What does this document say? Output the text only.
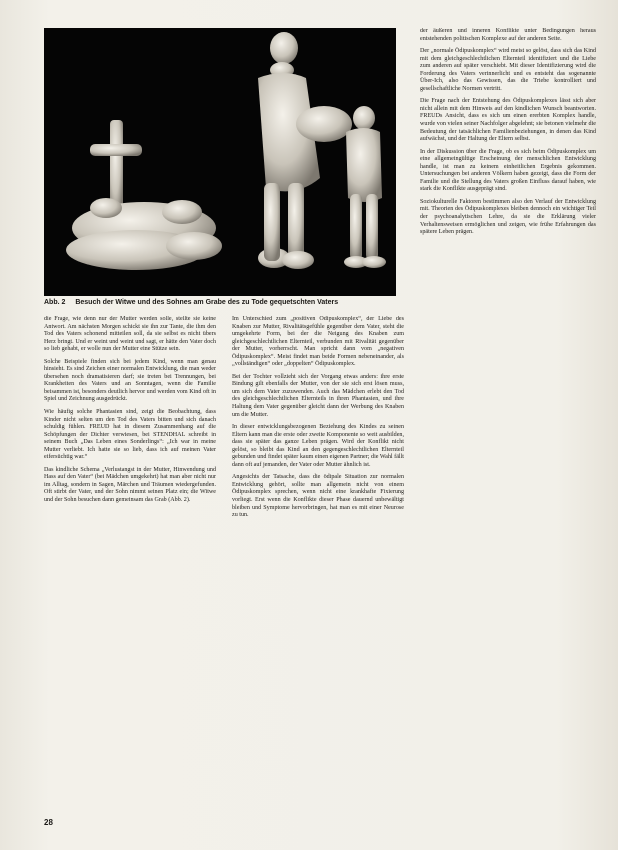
Abb. 2 Besuch der Witwe und des Sohnes am Grabe des zu Tode gequetschten Vaters

die Frage, wie denn nur der Mutter werden solle, stellte sie keine Antwort. Am nächsten Morgen schickt sie ihn zur Tante, die ihm den Tod des Vaters schonend mitteilen soll, da sie selbst es nicht übers Herz bringt. Und er weint und weint und sagt, er hätte den Vater doch so lieb gehabt, er wolle nun der Mutter eine Stütze sein.

Solche Beispiele finden sich bei jedem Kind, wenn man genau hinsieht. Es sind Zeichen einer normalen Entwicklung, die man weder übersehen noch dramatisieren darf; sie treten bei Trennungen, bei Krankheiten des Vaters und an Sonntagen, wenn die Familie beisammen ist, besonders deutlich hervor und werden vom Kind oft in Spiel und Zeichnung ausgedrückt.

Wie häufig solche Phantasien sind, zeigt die Beobachtung, dass Kinder nicht selten um den Tod des Vaters bitten und sich danach schuldig fühlen. FREUD hat in diesem Zusammenhang auf die Schöpfungen der Dichter verwiesen, bei STENDHAL schreibt in seinem Buch „Das Leben eines Sonderlings“: „Ich war in meine Mutter verliebt. Ich hatte sie so lieb, dass ich auf meinen Vater eifersüchtig war.“

Das kindliche Schema „Verlustangst in der Mutter, Hinwendung und Hass auf den Vater“ (bei Mädchen umgekehrt) hat man aber nicht nur im Alltag, sondern in Sagen, Märchen und Träumen wiedergefunden. Oft stirbt der Vater, und der Sohn nimmt seinen Platz ein; die Witwe und der Sohn besuchen dann gemeinsam das Grab (Abb. 2).

Im Unterschied zum „positiven Ödipuskomplex“, der Liebe des Knaben zur Mutter, Rivalitätsgefühle gegenüber dem Vater, steht die umgekehrte Form, bei der die Neigung des Knaben zum gleichgeschlechtlichen Elternteil, verbunden mit Rivalität gegenüber der Mutter, vorherrscht. Man spricht dann vom „negativen Ödipuskomplex“. Meist findet man beide Formen nebeneinander, als „vollständigen“ oder „doppelten“ Ödipuskomplex.

Bei der Tochter vollzieht sich der Vorgang etwas anders: ihre erste Bindung gilt ebenfalls der Mutter, von der sie sich erst lösen muss, um sich dem Vater zuzuwenden. Auch das Mädchen erlebt den Tod des gleichgeschlechtlichen Elternteils in ihren Phantasien, und ihre Haltung dem Vater gegenüber gleicht dann der Werbung des Knaben um die Mutter.

In dieser entwicklungsbezogenen Beziehung des Kindes zu seinen Eltern kann man die erste oder zweite Komponente so weit ausbilden, dass sie später das ganze Leben prägen. Wird der Konflikt nicht gelöst, so bleibt das Kind an den gegengeschlechtlichen Elternteil gebunden und findet später kaum einen eigenen Partner; die Wahl fällt dann oft auf jemanden, der Vater oder Mutter ähnlich ist.

Angesichts der Tatsache, dass die ödipale Situation zur normalen Entwicklung gehört, sollte man allgemein nicht von einem Ödipuskomplex sprechen, wenn nicht eine krankhafte Fixierung vorliegt. Erst wenn die Konflikte dieser Phase dauernd unbewältigt bleiben und Symptome hervorbringen, hat man es mit einer Neurose zu tun.

der äußeren und inneren Konflikte unter Bedingungen heraus entstehenden politischen Komplexe auf der anderen Seite.

Der „normale Ödipuskomplex“ wird meist so gelöst, dass sich das Kind mit dem gleichgeschlechtlichen Elternteil identifiziert und die Liebe zum anderen auf später verschiebt. Mit dieser Identifizierung wird die Forderung des Vaters verinnerlicht und es entsteht das sogenannte Über-Ich, also das Gewissen, das die Triebe kontrolliert und gesellschaftliche Normen vertritt.

Die Frage nach der Entstehung des Ödipuskomplexes lässt sich aber nicht allein mit dem Hinweis auf den kindlichen Wunsch beantworten. FREUDs Ansicht, dass es sich um einen ererbten Komplex handle, wurde von vielen seiner Nachfolger abgelehnt; sie betonen vielmehr die Bedeutung der tatsächlichen Familienbeziehungen, in denen das Kind aufwächst, und der Haltung der Eltern selbst.

In der Diskussion über die Frage, ob es sich beim Ödipuskomplex um eine allgemeingültige Erscheinung der menschlichen Entwicklung handle, ist man zu keinem einheitlichen Ergebnis gekommen. Untersuchungen bei anderen Völkern haben gezeigt, dass die Form der Familie und die Stellung des Vaters großen Einfluss darauf haben, wie stark die Konflikte ausgeprägt sind.

Soziokulturelle Faktoren bestimmen also den Verlauf der Entwicklung mit. Theorien des Ödipuskomplexes bleiben dennoch ein wichtiger Teil der psychoanalytischen Lehre, da sie die Erklärung vieler Verhaltensweisen ermöglichen und zeigen, wie frühe Erfahrungen das spätere Leben prägen.

28
